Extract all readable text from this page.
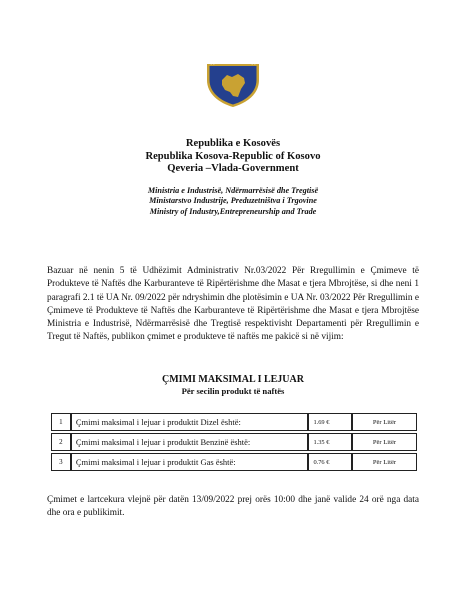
Republika e Kosovës
Republika Kosova-Republic of Kosovo
Qeveria –Vlada-Government
Ministria e Industrisë, Ndërmarrësisë dhe Tregtisë
Ministarstvo Industrije, Preduzetništva i Trgovine
Ministry of Industry,Entrepreneurship and Trade
Bazuar në nenin 5 të Udhëzimit Administrativ Nr.03/2022 Për Rregullimin e Çmimeve të Produkteve të Naftës dhe Karburanteve të Ripërtërishme dhe Masat e tjera Mbrojtëse, si dhe neni 1 paragrafi 2.1 të UA Nr. 09/2022 për ndryshimin dhe plotësimin e UA Nr. 03/2022 Për Rregullimin e Çmimeve të Produkteve të Naftës dhe Karburanteve të Ripërtërishme dhe Masat e tjera Mbrojtëse Ministria e Industrisë, Ndërmarrësisë dhe Tregtisë respektivisht Departamenti për Rregullimin e Tregut të Naftës, publikon çmimet e produkteve të naftës me pakicë si në vijim:
ÇMIMI MAKSIMAL I LEJUAR
Për secilin produkt të naftës
1	Çmimi maksimal i lejuar i produktit Dizel është:	1.69 €	Për Litër
2	Çmimi maksimal i lejuar i produktit Benzinë është:	1.35 €	Për Litër
3	Çmimi maksimal i lejuar i produktit Gas është:	0.76 €	Për Litër
Çmimet e lartcekura vlejnë për datën 13/09/2022 prej orës 10:00 dhe janë valide 24 orë nga data dhe ora e publikimit.
